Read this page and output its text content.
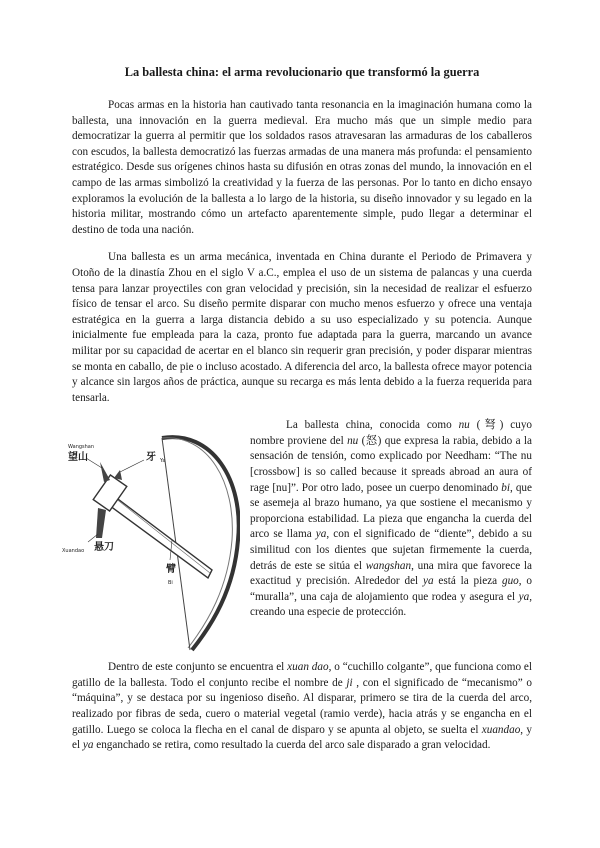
La ballesta china: el arma revolucionario que transformó la guerra

Pocas armas en la historia han cautivado tanta resonancia en la imaginación humana como la ballesta, una innovación en la guerra medieval. Era mucho más que un simple medio para democratizar la guerra al permitir que los soldados rasos atravesaran las armaduras de los caballeros con escudos, la ballesta democratizó las fuerzas armadas de una manera más profunda: el pensamiento estratégico. Desde sus orígenes chinos hasta su difusión en otras zonas del mundo, la innovación en el campo de las armas simbolizó la creatividad y la fuerza de las personas. Por lo tanto en dicho ensayo exploramos la evolución de la ballesta a lo largo de la historia, su diseño innovador y su legado en la historia militar, mostrando cómo un artefacto aparentemente simple, pudo llegar a determinar el destino de toda una nación.

Una ballesta es un arma mecánica, inventada en China durante el Periodo de Primavera y Otoño de la dinastía Zhou en el siglo V a.C., emplea el uso de un sistema de palancas y una cuerda tensa para lanzar proyectiles con gran velocidad y precisión, sin la necesidad de realizar el esfuerzo físico de tensar el arco. Su diseño permite disparar con mucho menos esfuerzo y ofrece una ventaja estratégica en la guerra a larga distancia debido a su uso especializado y su potencia. Aunque inicialmente fue empleada para la caza, pronto fue adaptada para la guerra, marcando un avance militar por su capacidad de acertar en el blanco sin requerir gran precisión, y poder disparar mientras se monta en caballo, de pie o incluso acostado. A diferencia del arco, la ballesta ofrece mayor potencia y alcance sin largos años de práctica, aunque su recarga es más lenta debido a la fuerza requerida para tensarla.

Wangshan
望山	牙 Ya
臂
Bi
Xuandao 悬刀

La ballesta china, conocida como nu (弩) cuyo nombre proviene del nu (怒) que expresa la rabia, debido a la sensación de tensión, como explicado por Needham: “The nu [crossbow] is so called because it spreads abroad an aura of rage [nu]”. Por otro lado, posee un cuerpo denominado bi, que se asemeja al brazo humano, ya que sostiene el mecanismo y proporciona estabilidad. La pieza que engancha la cuerda del arco se llama ya, con el significado de “diente”, debido a su similitud con los dientes que sujetan firmemente la cuerda, detrás de este se sitúa el wangshan, una mira que favorece la exactitud y precisión. Alrededor del ya está la pieza guo, o “muralla”, una caja de alojamiento que rodea y asegura el ya, creando una especie de protección.

Dentro de este conjunto se encuentra el xuan dao, o “cuchillo colgante”, que funciona como el gatillo de la ballesta. Todo el conjunto recibe el nombre de ji , con el significado de “mecanismo” o “máquina”, y se destaca por su ingenioso diseño. Al disparar, primero se tira de la cuerda del arco, realizado por fibras de seda, cuero o material vegetal (ramio verde), hacia atrás y se engancha en el gatillo. Luego se coloca la flecha en el canal de disparo y se apunta al objeto, se suelta el xuandao, y el ya enganchado se retira, como resultado la cuerda del arco sale disparado a gran velocidad.
